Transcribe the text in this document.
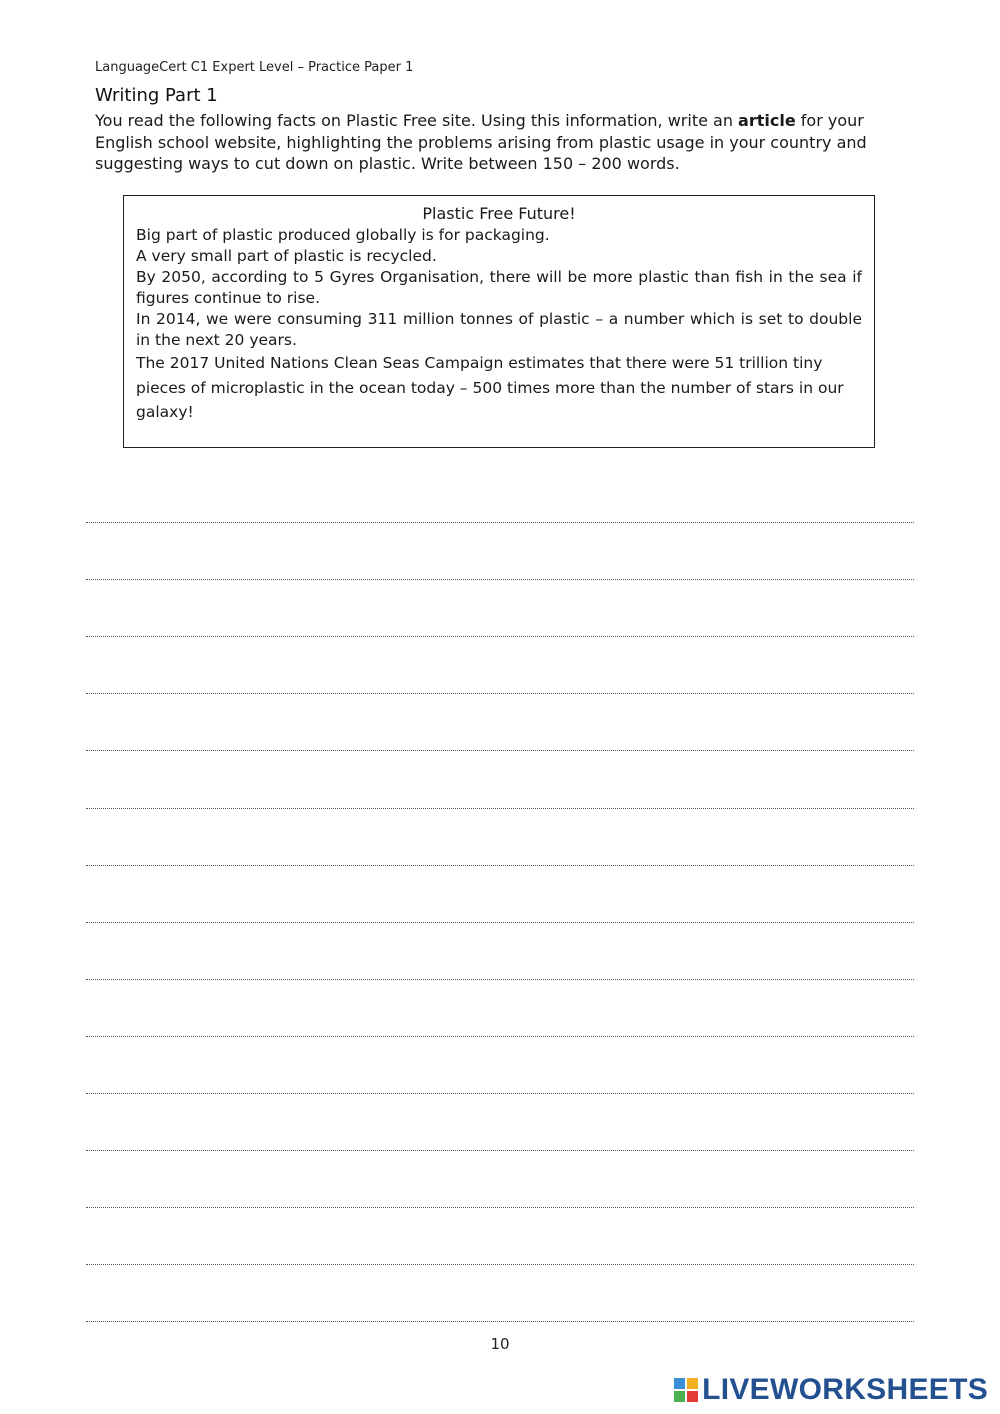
LanguageCert C1 Expert Level – Practice Paper 1
Writing Part 1
You read the following facts on Plastic Free site. Using this information, write an article for your English school website, highlighting the problems arising from plastic usage in your country and suggesting ways to cut down on plastic. Write between 150 – 200 words.
Plastic Free Future!
Big part of plastic produced globally is for packaging.
A very small part of plastic is recycled.
By 2050, according to 5 Gyres Organisation, there will be more plastic than fish in the sea if figures continue to rise.
In 2014, we were consuming 311 million tonnes of plastic – a number which is set to double in the next 20 years.
The 2017 United Nations Clean Seas Campaign estimates that there were 51 trillion tiny pieces of microplastic in the ocean today – 500 times more than the number of stars in our galaxy!
10
LIVEWORKSHEETS
